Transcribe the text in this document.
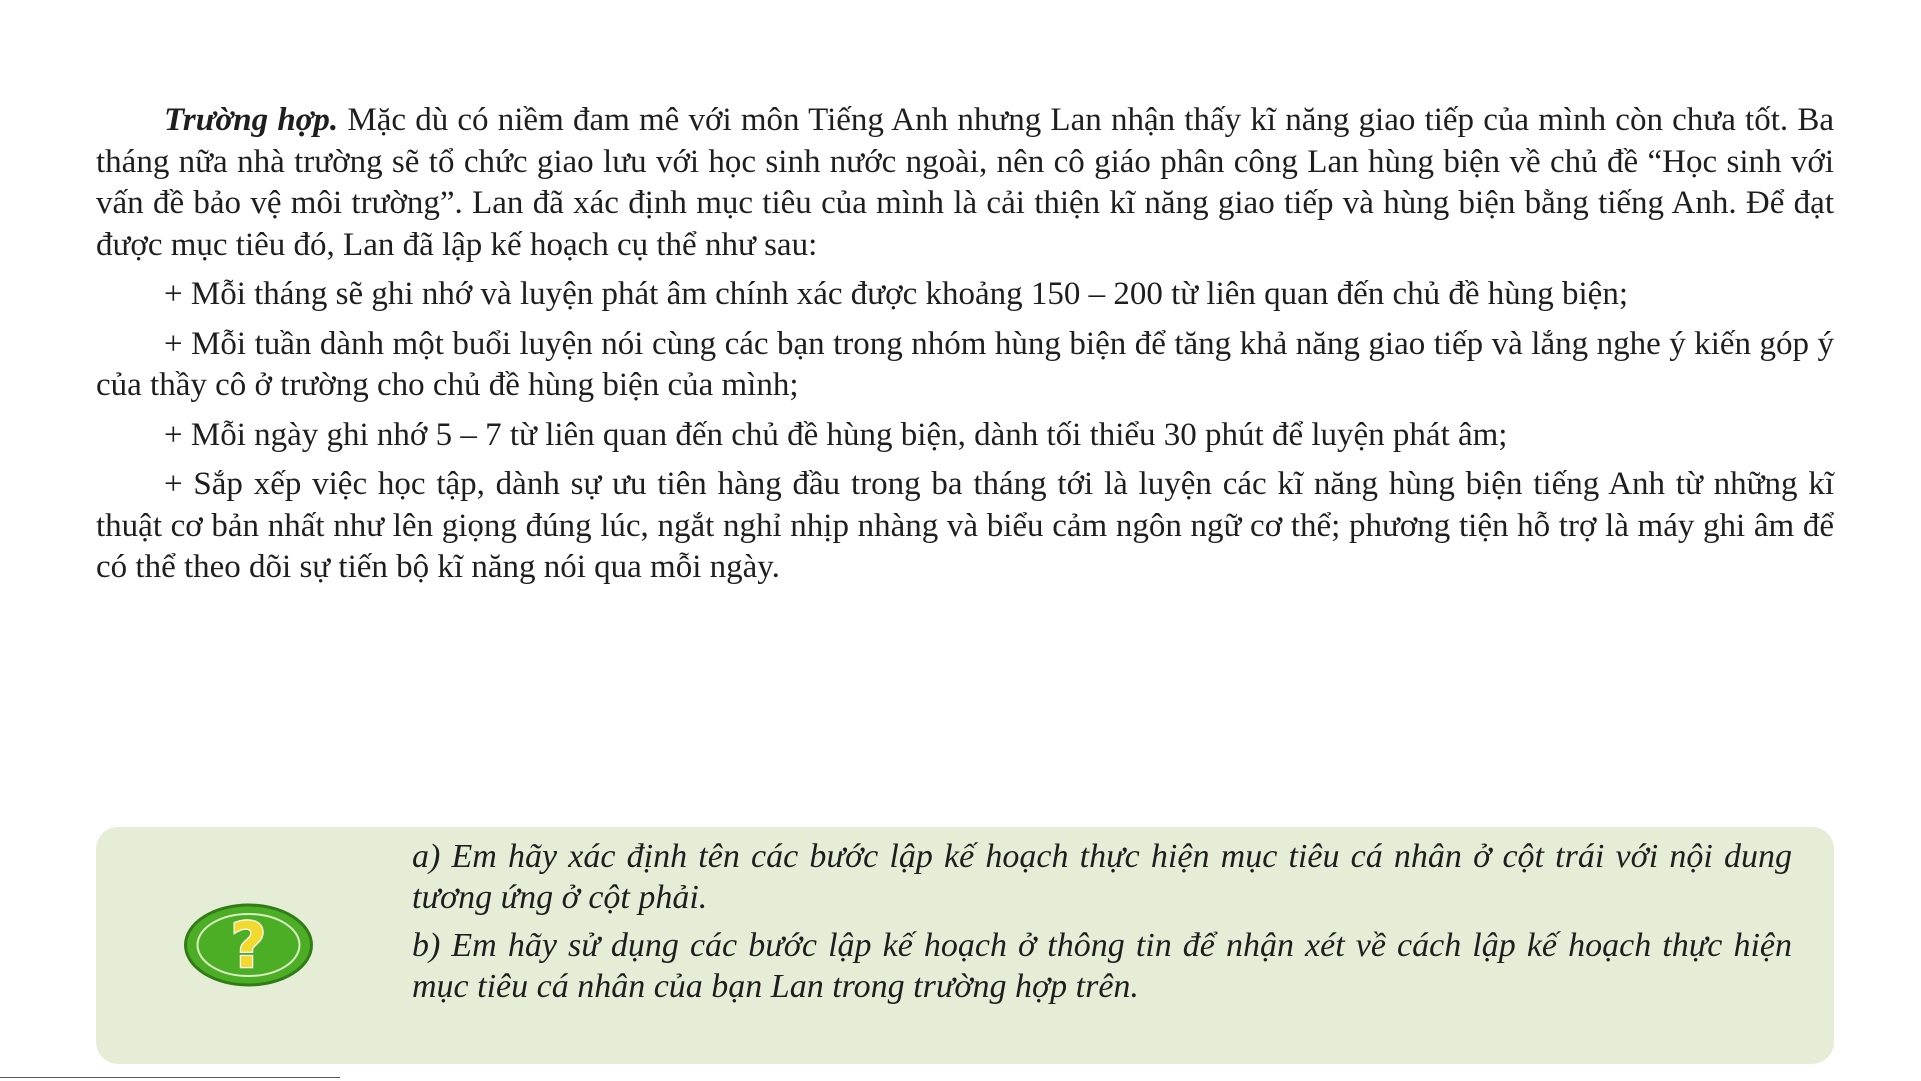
Trường hợp. Mặc dù có niềm đam mê với môn Tiếng Anh nhưng Lan nhận thấy kĩ năng giao tiếp của mình còn chưa tốt. Ba tháng nữa nhà trường sẽ tổ chức giao lưu với học sinh nước ngoài, nên cô giáo phân công Lan hùng biện về chủ đề “Học sinh với vấn đề bảo vệ môi trường”. Lan đã xác định mục tiêu của mình là cải thiện kĩ năng giao tiếp và hùng biện bằng tiếng Anh. Để đạt được mục tiêu đó, Lan đã lập kế hoạch cụ thể như sau:

+ Mỗi tháng sẽ ghi nhớ và luyện phát âm chính xác được khoảng 150 – 200 từ liên quan đến chủ đề hùng biện;

+ Mỗi tuần dành một buổi luyện nói cùng các bạn trong nhóm hùng biện để tăng khả năng giao tiếp và lắng nghe ý kiến góp ý của thầy cô ở trường cho chủ đề hùng biện của mình;

+ Mỗi ngày ghi nhớ 5 – 7 từ liên quan đến chủ đề hùng biện, dành tối thiểu 30 phút để luyện phát âm;

+ Sắp xếp việc học tập, dành sự ưu tiên hàng đầu trong ba tháng tới là luyện các kĩ năng hùng biện tiếng Anh từ những kĩ thuật cơ bản nhất như lên giọng đúng lúc, ngắt nghỉ nhịp nhàng và biểu cảm ngôn ngữ cơ thể; phương tiện hỗ trợ là máy ghi âm để có thể theo dõi sự tiến bộ kĩ năng nói qua mỗi ngày.

?

a) Em hãy xác định tên các bước lập kế hoạch thực hiện mục tiêu cá nhân ở cột trái với nội dung tương ứng ở cột phải.

b) Em hãy sử dụng các bước lập kế hoạch ở thông tin để nhận xét về cách lập kế hoạch thực hiện mục tiêu cá nhân của bạn Lan trong trường hợp trên.
